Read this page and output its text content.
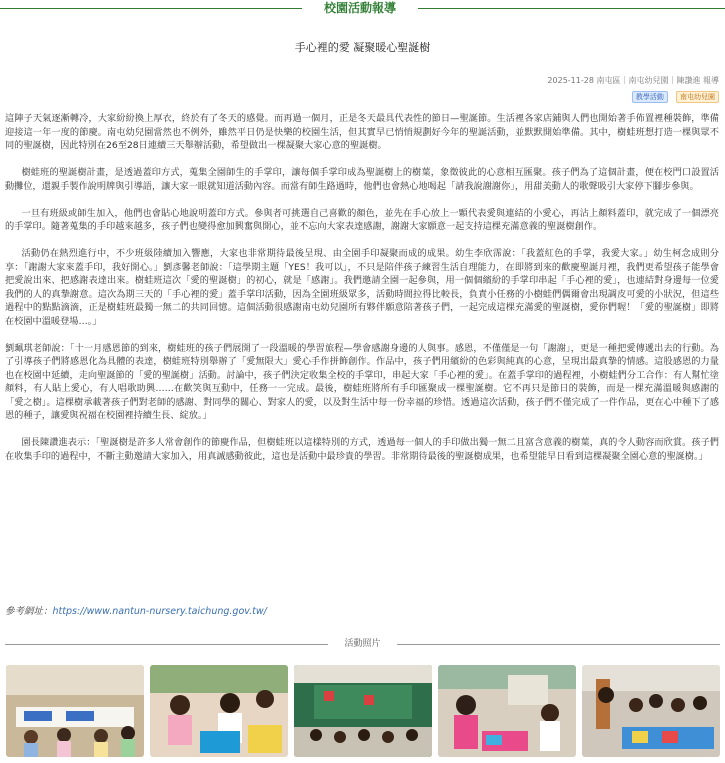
校園活動報導
手心裡的愛 凝聚暖心聖誕樹
2025-11-28 南屯區｜南屯幼兒園｜陳讚進 報導
教學活動 南屯幼兒園

這陣子天氣逐漸轉冷，大家紛紛換上厚衣，終於有了冬天的感覺。而再過一個月，正是冬天最具代表性的節日—聖誕節。生活裡各家店鋪與人們也開始著手佈置裡種裝飾，準備迎接這一年一度的節慶。南屯幼兒園當然也不例外，雖然平日仍是快樂的校園生活，但其實早已悄悄規劃好今年的聖誕活動，並默默開始準備。其中，樹蛙班想打造一棵與眾不同的聖誕樹，因此特別在26至28日連續三天舉辦活動，希望做出一棵凝聚大家心意的聖誕樹。

樹蛙班的聖誕樹計畫，是透過蓋印方式，蒐集全園師生的手掌印，讓每個手掌印成為聖誕樹上的樹葉，象徵彼此的心意相互匯聚。孩子們為了這個計畫，便在校門口設置活動攤位，還親手製作說明牌與引導語，讓大家一眼就知道活動內容。而當有師生路過時，他們也會熱心地喝起「請我說謝謝你」，用甜美動人的歌聲吸引大家停下腳步參與。

一旦有班級或師生加入，他們也會貼心地說明蓋印方式。參與者可挑選自己喜歡的顏色，並先在手心放上一顆代表愛與連結的小愛心，再沾上顏料蓋印，就完成了一個漂亮的手掌印。隨著蒐集的手印越來越多，孩子們也變得愈加興奮與開心，並不忘向大家表達感謝，謝謝大家願意一起支持這棵充滿意義的聖誕樹創作。

活動仍在熱烈進行中，不少班級陸續加入響應，大家也非常期待最後呈現、由全園手印凝聚而成的成果。幼生李欣霈說：「我蓋紅色的手掌，我愛大家。」幼生柯念成則分享：「謝謝大家來蓋手印，我好開心。」劉彥馨老師說：「這學期主題「YES！我可以」，不只是陪伴孩子練習生活自理能力，在即將到來的歡慶聖誕月裡，我們更希望孩子能學會把愛說出來、把感謝表達出來。樹蛙班這次「愛的聖誕樹」的初心，就是「感謝」。我們邀請全園一起參與，用一個個繽紛的手掌印串起「手心裡的愛」，也連結對身邊每一位愛我們的人的真摯謝意。這次為期三天的「手心裡的愛」蓋手掌印活動，因為全園班級眾多，活動時間拉得比較長，負責小任務的小樹蛙們偶爾會出現調皮可愛的小狀況，但這些過程中的點點滴滴，正是樹蛙班最獨一無二的共同回憶。這個活動很感謝南屯幼兒園所有夥伴願意陪著孩子們，一起完成這棵充滿愛的聖誕樹，愛你們喔！「愛的聖誕樹」即將在校園中溫暖登場…。」

劉珮琪老師說：「十一月感恩節的到來，樹蛙班的孩子們展開了一段溫暖的學習旅程—學會感謝身邊的人與事。感恩，不僅僅是一句「謝謝」，更是一種把愛傳遞出去的行動。為了引導孩子們將感恩化為具體的表達，樹蛙班特別舉辦了「愛無限大」愛心手作拼飾創作。作品中，孩子們用繽紛的色彩與純真的心意，呈現出最真摯的情感。這股感恩的力量也在校園中延續，走向聖誕節的「愛的聖誕樹」活動。討論中，孩子們決定收集全校的手掌印，串起大家「手心裡的愛」。在蓋手掌印的過程裡，小樹蛙們分工合作：有人幫忙塗顏料，有人貼上愛心，有人唱歌助興……在歡笑與互動中，任務一一完成。最後，樹蛙班將所有手印匯聚成一棵聖誕樹。它不再只是節日的裝飾，而是一棵充滿溫暖與感謝的「愛之樹」。這棵樹承載著孩子們對老師的感謝、對同學的關心、對家人的愛，以及對生活中每一份幸福的珍惜。透過這次活動，孩子們不僅完成了一件作品，更在心中種下了感恩的種子，讓愛與祝福在校園裡持續生長、綻放。」

園長陳讚進表示：「聖誕樹是許多人常會創作的節慶作品，但樹蛙班以這樣特別的方式，透過每一個人的手印做出獨一無二且富含意義的樹葉，真的令人動容而欣賞。孩子們在收集手印的過程中，不斷主動邀請大家加入，用真誠感動彼此，這也是活動中最珍貴的學習。非常期待最後的聖誕樹成果，也希望能早日看到這棵凝聚全園心意的聖誕樹。」

參考網址：https://www.nantun-nursery.taichung.gov.tw/
活動照片
